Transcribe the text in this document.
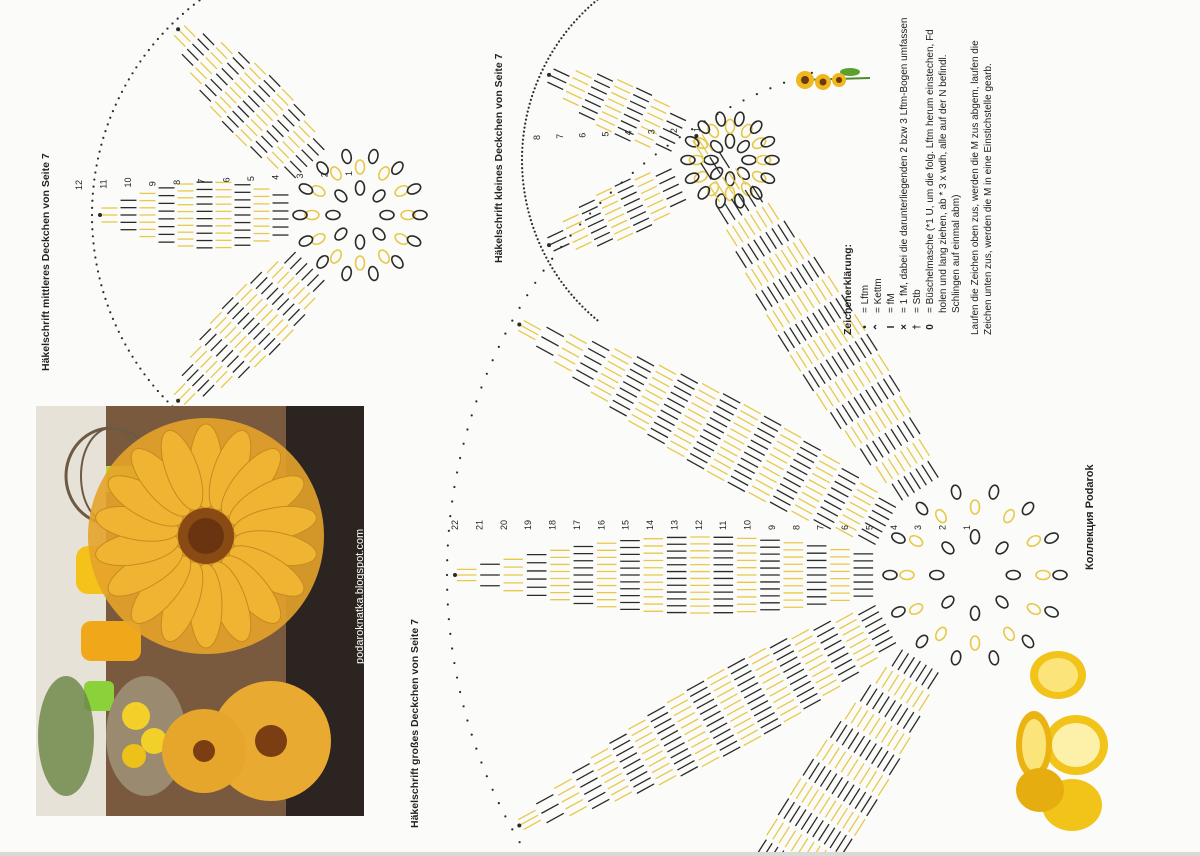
12 11 10 9 8 7 6 5 4 3 2 1
8 7 6 5 4 3 2 1
22 21 20 19 18 17 16 15 14 13 12 11 10 9 8 7 6 5 4 3 2 1
podaroknatka.blogspot.com
Häkelschrift mittleres Deckchen von Seite 7	Häkelschrift kleines Deckchen von Seite 7
Häkelschrift großes Deckchen von Seite 7
Коллекция Podarok
Zeichenerklärung: •
= Lftm
⌃
= Kettm
I
= fM
×
= 1 fM, dabei die darunterliegenden 2 bzw 3 Lftm-Bogen umfassen
†
= Stb
0
= Büschelmasche (*1 U, um die folg. Lftm herum einstechen, Fd holen und lang ziehen, ab * 3 x wdh, alle auf der N befindl. Schlingen auf einmal abm) Laufen die Zeichen oben zus, werden die M zus abgem, laufen die Zeichen unten zus, werden die M in eine Einstichstelle gearb.
